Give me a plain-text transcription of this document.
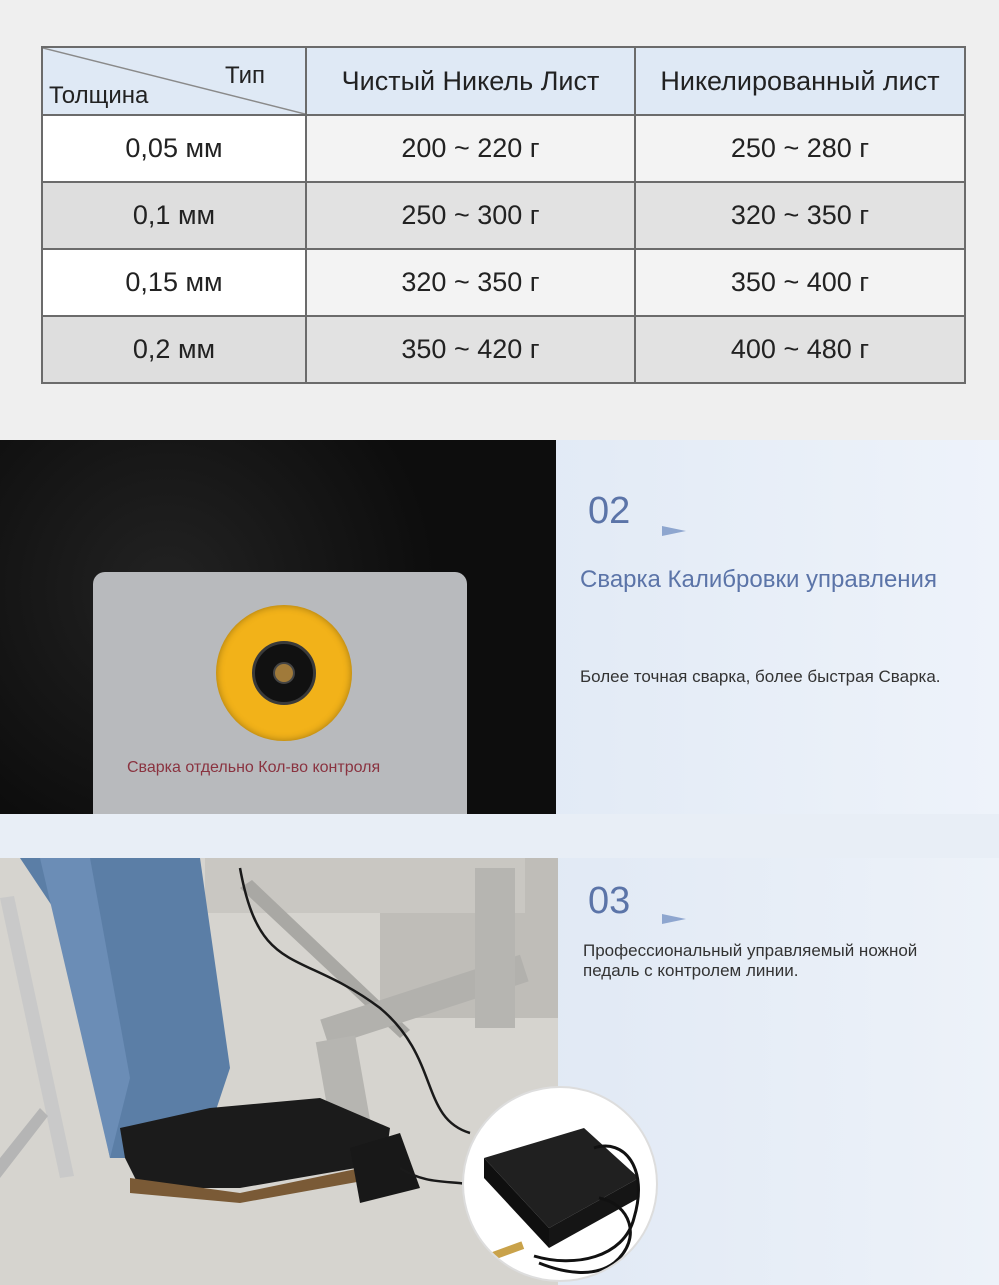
Тип
Толщина	Чистый Никель Лист	Никелированный лист
0,05 мм	200 ~ 220 г	250 ~ 280 г
0,1 мм	250 ~ 300 г	320 ~ 350 г
0,15 мм	320 ~ 350 г	350 ~ 400 г
0,2 мм	350 ~ 420 г	400 ~ 480 г
Сварка отдельно Кол-во контроля
02
Сварка Калибровки управления
Более точная сварка, более быстрая Сварка.
03
Профессиональный управляемый ножной педаль с контролем линии.
